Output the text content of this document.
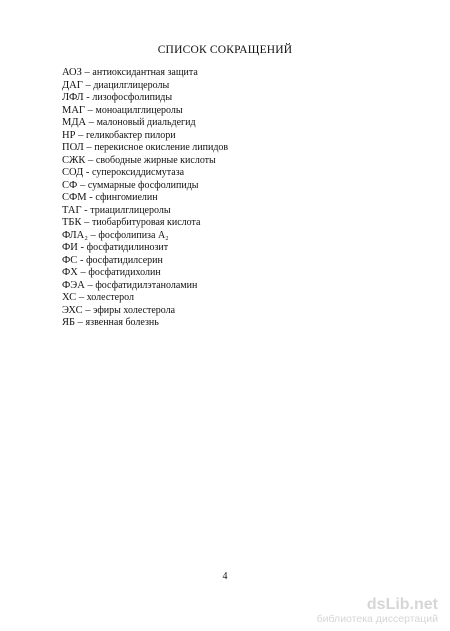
СПИСОК СОКРАЩЕНИЙ
АОЗ – антиоксидантная защита
ДАГ – диацилглицеролы
ЛФЛ - лизофосфолипиды
МАГ – моноацилглицеролы
МДА – малоновый диальдегид
НР – геликобактер пилори
ПОЛ – перекисное окисление липидов
СЖК – свободные жирные кислоты
СОД - супероксиддисмутаза
СФ – суммарные фосфолипиды
СФМ - сфингомиелин
ТАГ - триацилглицеролы
ТБК – тиобарбитуровая кислота
ФЛА₂ – фосфолипиза А₂
ФИ - фосфатидилинозит
ФС - фосфатидилсерин
ФХ – фосфатидихолин
ФЭА – фосфатидилэтаноламин
ХС – холестерол
ЭХС – эфиры холестерола
ЯБ – язвенная болезнь
4
dsLib.net
библиотека диссертаций
